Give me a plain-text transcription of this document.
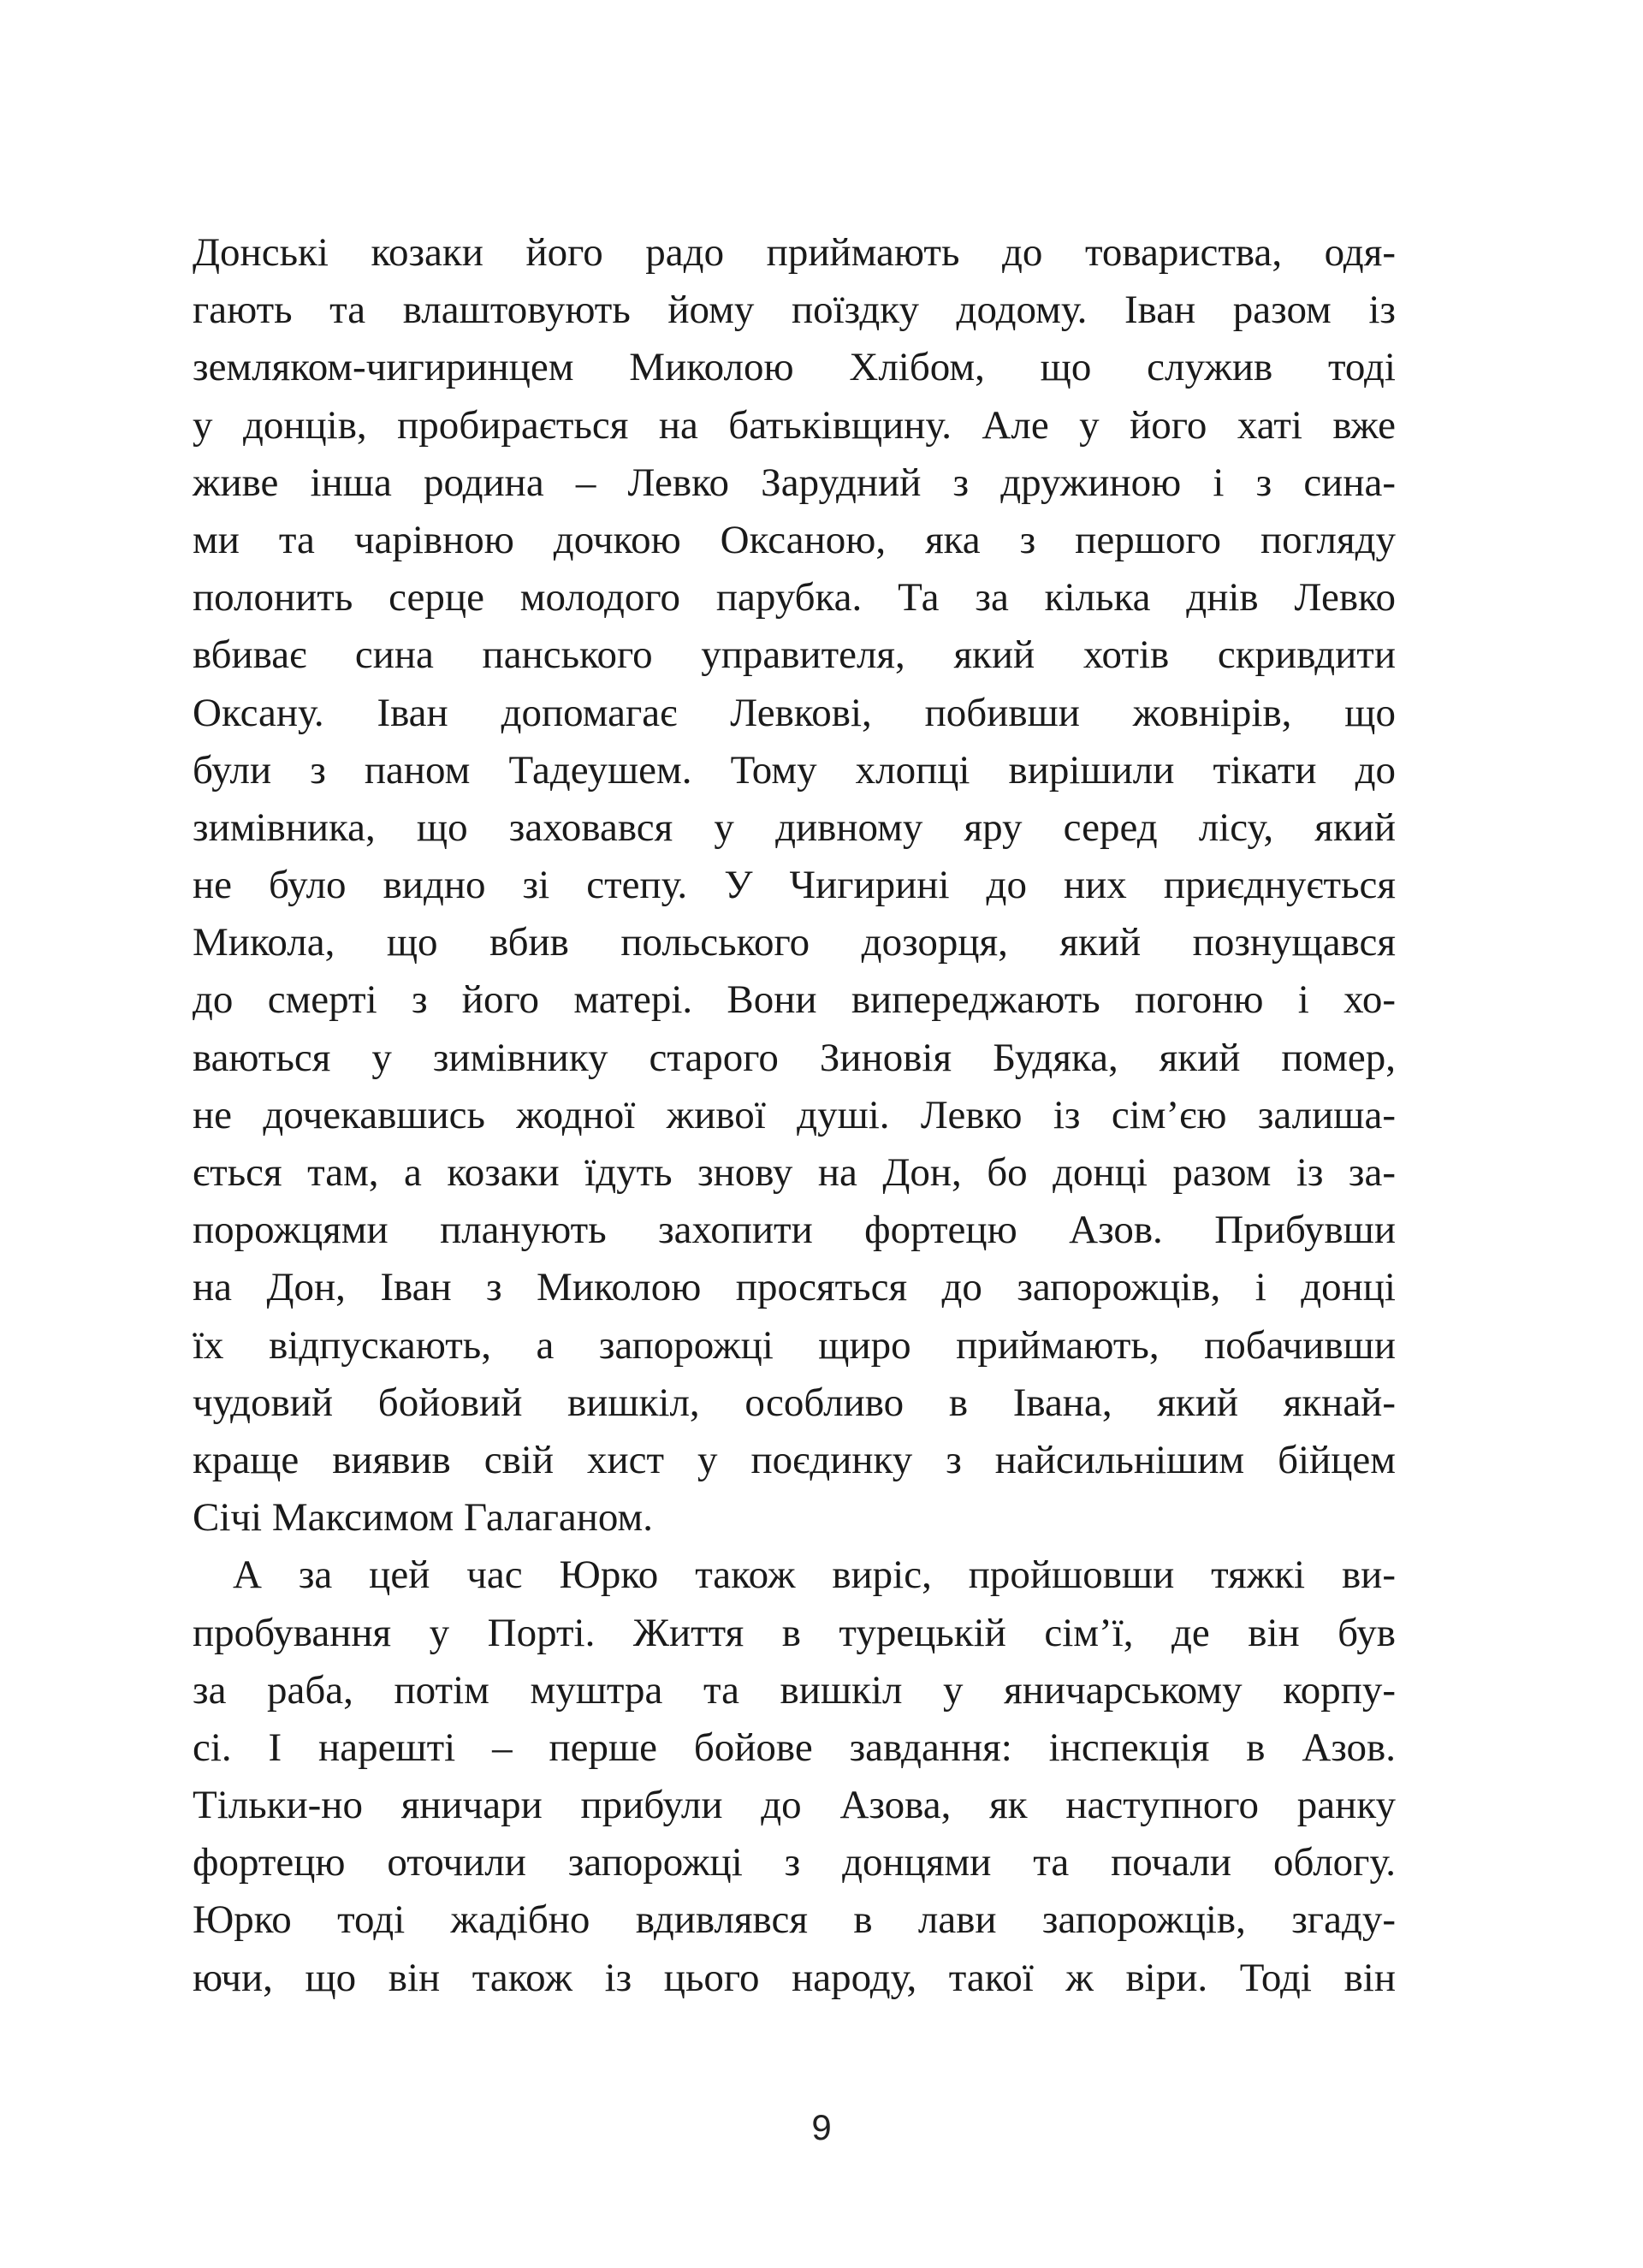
Донські козаки його радо приймають до товариства, одя-
гають та влаштовують йому поїздку додому. Іван разом із
земляком-чигиринцем Миколою Хлібом, що служив тоді
у донців, пробирається на батьківщину. Але у його хаті вже
живе інша родина – Левко Зарудний з дружиною і з сина-
ми та чарівною дочкою Оксаною, яка з першого погляду
полонить серце молодого парубка. Та за кілька днів Левко
вбиває сина панського управителя, який хотів скривдити
Оксану. Іван допомагає Левкові, побивши жовнірів, що
були з паном Тадеушем. Тому хлопці вирішили тікати до
зимівника, що заховався у дивному яру серед лісу, який
не було видно зі степу. У Чигирині до них приєднується
Микола, що вбив польського дозорця, який познущався
до смерті з його матері. Вони випереджають погоню і хо-
ваються у зимівнику старого Зиновія Будяка, який помер,
не дочекавшись жодної живої душі. Левко із сім’єю залиша-
ється там, а козаки їдуть знову на Дон, бо донці разом із за-
порожцями планують захопити фортецю Азов. Прибувши
на Дон, Іван з Миколою просяться до запорожців, і донці
їх відпускають, а запорожці щиро приймають, побачивши
чудовий бойовий вишкіл, особливо в Івана, який якнай-
краще виявив свій хист у поєдинку з найсильнішим бійцем
Січі Максимом Галаганом.
А за цей час Юрко також виріс, пройшовши тяжкі ви-
пробування у Порті. Життя в турецькій сім’ї, де він був
за раба, потім муштра та вишкіл у яничарському корпу-
сі. І нарешті – перше бойове завдання: інспекція в Азов.
Тільки-но яничари прибули до Азова, як наступного ранку
фортецю оточили запорожці з донцями та почали облогу.
Юрко тоді жадібно вдивлявся в лави запорожців, згаду-
ючи, що він також із цього народу, такої ж віри. Тоді він
9
